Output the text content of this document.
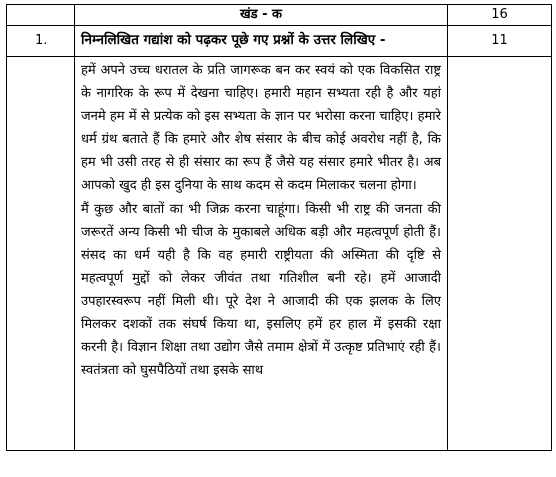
	खंड - क	16
1.	निम्नलिखित गद्यांश को पढ़कर पूछे गए प्रश्नों के उत्तर लिखिए -	11

	हमें अपने उच्च धरातल के प्रति जागरूक बन कर स्वयं को एक विकसित राष्ट्र के नागरिक के रूप में देखना चाहिए। हमारी महान सभ्यता रही है और यहां जनमे हम में से प्रत्येक को इस सभ्यता के ज्ञान पर भरोसा करना चाहिए। हमारे धर्म ग्रंथ बताते हैं कि हमारे और शेष संसार के बीच कोई अवरोध नहीं है, कि हम भी उसी तरह से ही संसार का रूप हैं जैसे यह संसार हमारे भीतर है। अब आपको खुद ही इस दुनिया के साथ कदम से कदम मिलाकर चलना होगा।

मैं कुछ और बातों का भी जिक्र करना चाहूंगा। किसी भी राष्ट्र की जनता की जरूरतें अन्य किसी भी चीज के मुकाबले अधिक बड़ी और महत्वपूर्ण होती हैं। संसद का धर्म यही है कि वह हमारी राष्ट्रीयता की अस्मिता की दृष्टि से महत्वपूर्ण मुद्दों को लेकर जीवंत तथा गतिशील बनी रहे। हमें आजादी उपहारस्वरूप नहीं मिली थी। पूरे देश ने आजादी की एक झलक के लिए मिलकर दशकों तक संघर्ष किया था, इसलिए हमें हर हाल में इसकी रक्षा करनी है। विज्ञान शिक्षा तथा उद्योग जैसे तमाम क्षेत्रों में उत्कृष्ट प्रतिभाएं रही हैं। स्वतंत्रता को घुसपैठियों तथा इसके साथ	
